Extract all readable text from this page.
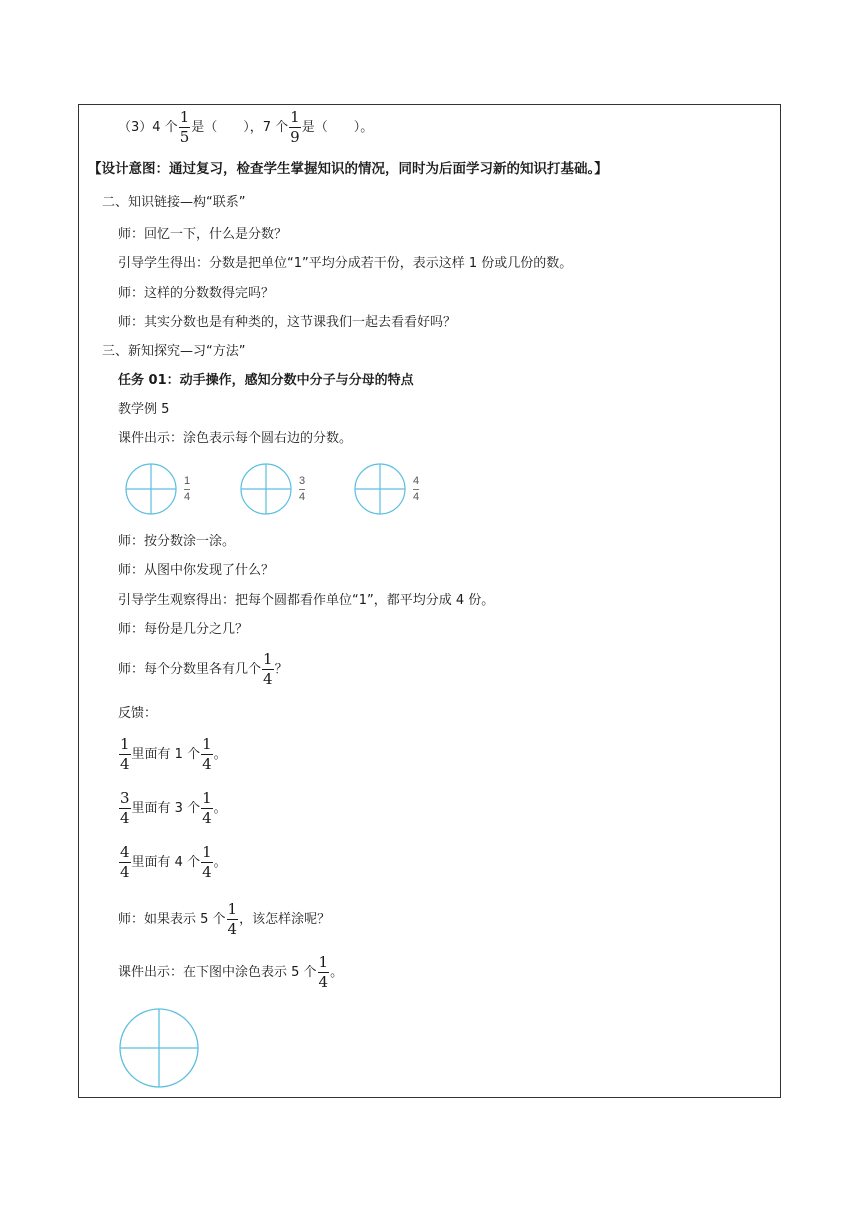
（3）4 个 $\frac{1}{5}$ 是（　　），7 个 $\frac{1}{9}$ 是（　　）。
【设计意图：通过复习，检查学生掌握知识的情况，同时为后面学习新的知识打基础。】
二、知识链接—构“联系”
师：回忆一下，什么是分数？
引导学生得出：分数是把单位“1”平均分成若干份，表示这样 1 份或几份的数。
师：这样的分数数得完吗？
师：其实分数也是有种类的，这节课我们一起去看看好吗？
三、新知探究—习“方法”
任务 01：动手操作，感知分数中分子与分母的特点
教学例 5
课件出示：涂色表示每个圆右边的分数。
$\frac{1}{4}$	$\frac{3}{4}$	$\frac{4}{4}$
师：按分数涂一涂。
师：从图中你发现了什么？
引导学生观察得出：把每个圆都看作单位“1”，都平均分成 4 份。
师：每份是几分之几？
师：每个分数里各有几个 $\frac{1}{4}$ ？
反馈：
$\frac{1}{4}$ 里面有 1 个 $\frac{1}{4}$ 。
$\frac{3}{4}$ 里面有 3 个 $\frac{1}{4}$ 。
$\frac{4}{4}$ 里面有 4 个 $\frac{1}{4}$ 。
师：如果表示 5 个 $\frac{1}{4}$ ，该怎样涂呢？
课件出示：在下图中涂色表示 5 个 $\frac{1}{4}$ 。
